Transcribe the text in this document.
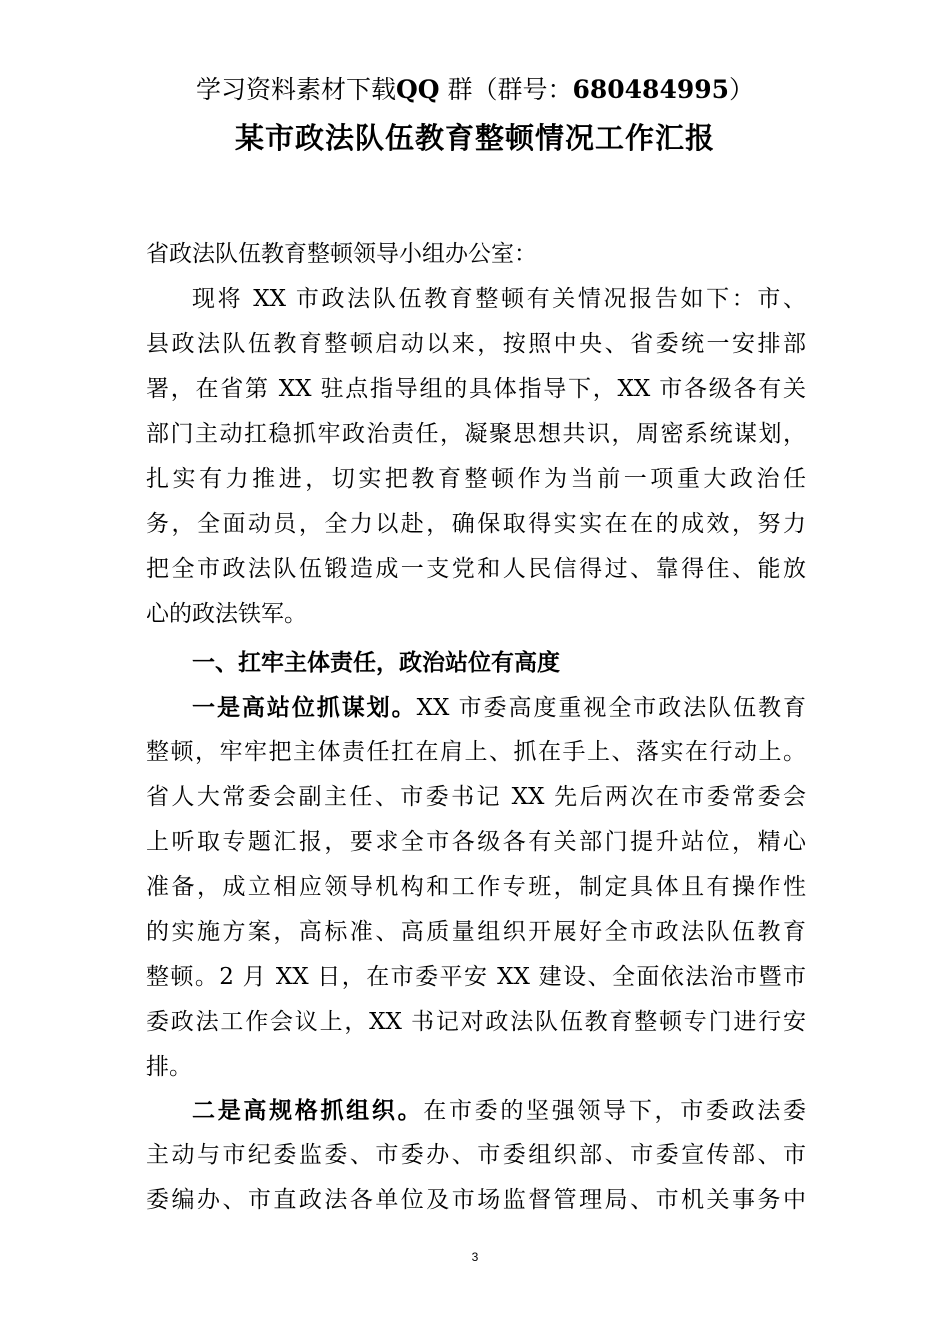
学习资料素材下载QQ 群（群号：680484995）
某市政法队伍教育整顿情况工作汇报
省政法队伍教育整顿领导小组办公室：
现将 XX 市政法队伍教育整顿有关情况报告如下：市、
县政法队伍教育整顿启动以来，按照中央、省委统一安排部
署，在省第 XX 驻点指导组的具体指导下，XX 市各级各有关
部门主动扛稳抓牢政治责任，凝聚思想共识，周密系统谋划，
扎实有力推进，切实把教育整顿作为当前一项重大政治任
务，全面动员，全力以赴，确保取得实实在在的成效，努力
把全市政法队伍锻造成一支党和人民信得过、靠得住、能放
心的政法铁军。
一、扛牢主体责任，政治站位有高度
一是高站位抓谋划。XX 市委高度重视全市政法队伍教育
整顿，牢牢把主体责任扛在肩上、抓在手上、落实在行动上。
省人大常委会副主任、市委书记 XX 先后两次在市委常委会
上听取专题汇报，要求全市各级各有关部门提升站位，精心
准备，成立相应领导机构和工作专班，制定具体且有操作性
的实施方案，高标准、高质量组织开展好全市政法队伍教育
整顿。2 月 XX 日，在市委平安 XX 建设、全面依法治市暨市
委政法工作会议上，XX 书记对政法队伍教育整顿专门进行安
排。
二是高规格抓组织。在市委的坚强领导下，市委政法委
主动与市纪委监委、市委办、市委组织部、市委宣传部、市
委编办、市直政法各单位及市场监督管理局、市机关事务中
3
